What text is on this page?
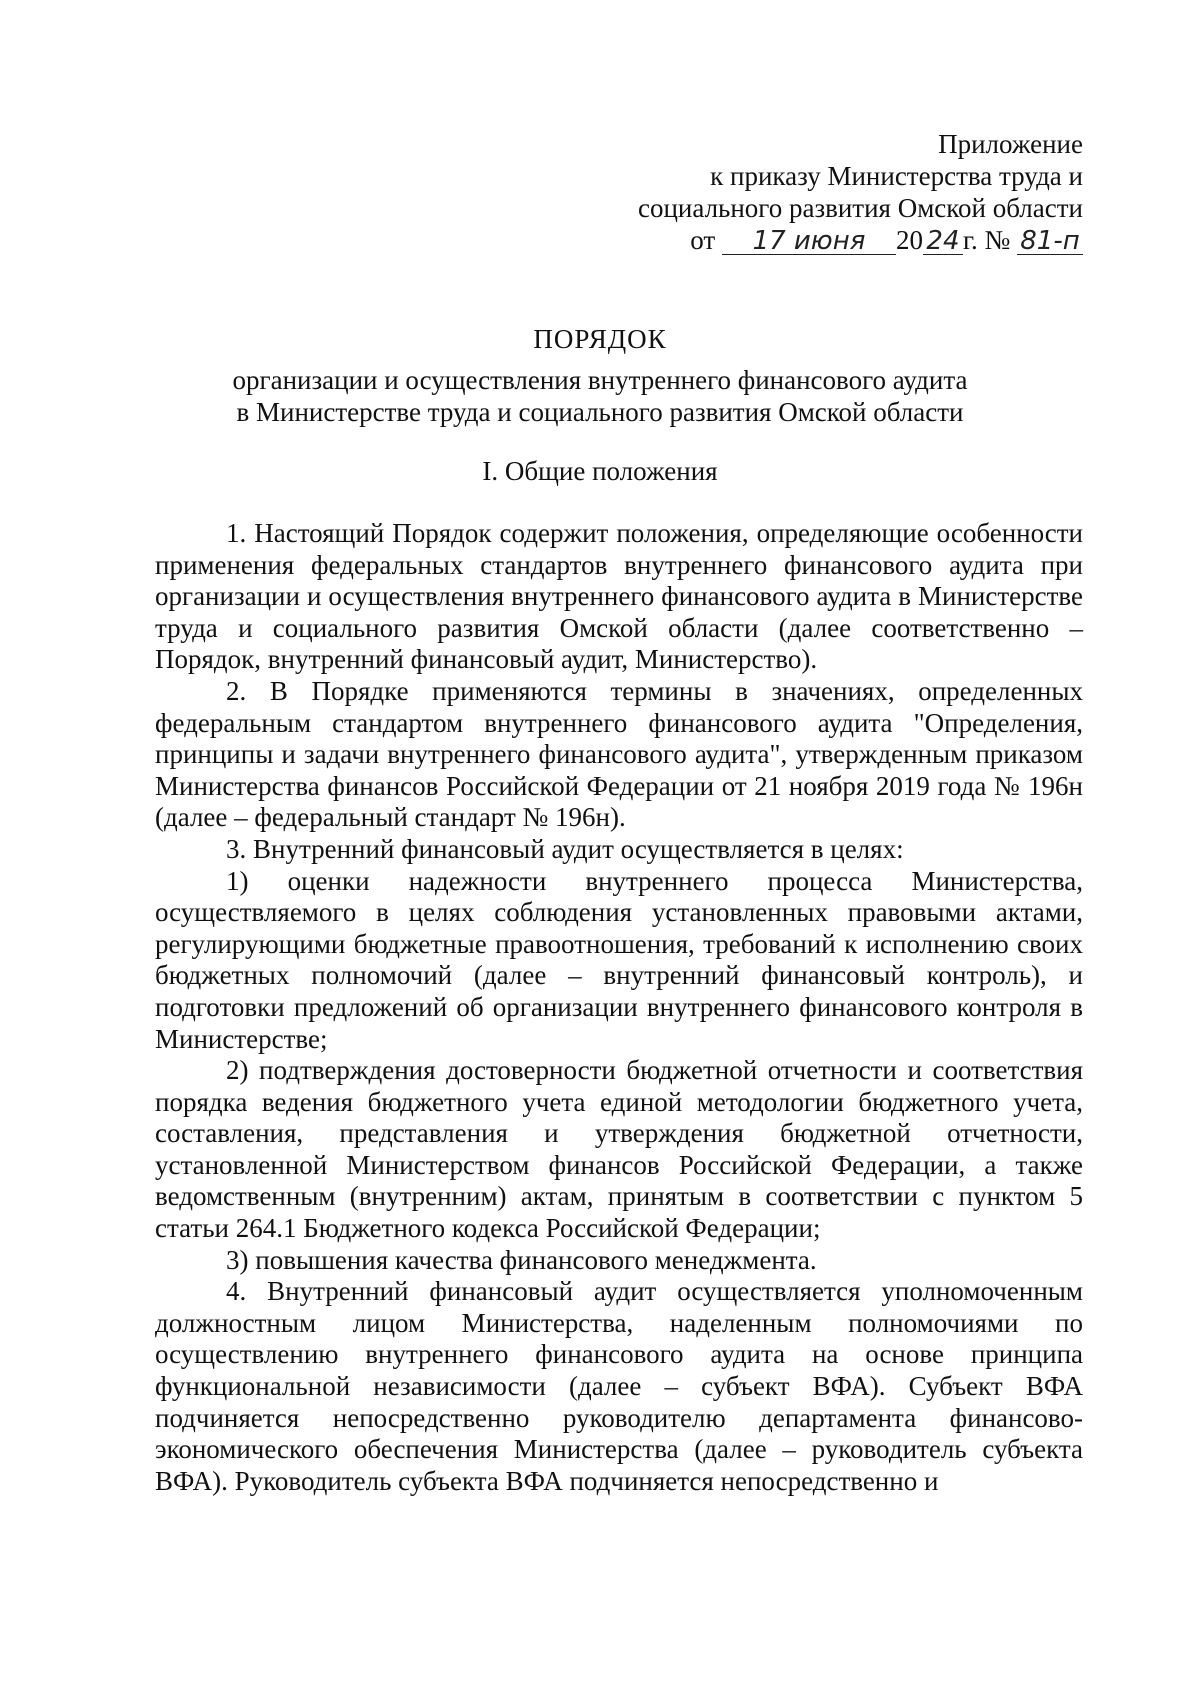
Приложение
к приказу Министерства труда и
социального развития Омской области
от 17 июня 20 24 г. № 81-п
ПОРЯДОК
организации и осуществления внутреннего финансового аудита
в Министерстве труда и социального развития Омской области
I. Общие положения

1. Настоящий Порядок содержит положения, определяющие особенности применения федеральных стандартов внутреннего финансового аудита при организации и осуществления внутреннего финансового аудита в Министерстве труда и социального развития Омской области (далее соответственно – Порядок, внутренний финансовый аудит, Министерство).

2. В Порядке применяются термины в значениях, определенных федеральным стандартом внутреннего финансового аудита "Определения, принципы и задачи внутреннего финансового аудита", утвержденным приказом Министерства финансов Российской Федерации от 21 ноября 2019 года № 196н (далее – федеральный стандарт № 196н).

3. Внутренний финансовый аудит осуществляется в целях:

1) оценки надежности внутреннего процесса Министерства, осуществляемого в целях соблюдения установленных правовыми актами, регулирующими бюджетные правоотношения, требований к исполнению своих бюджетных полномочий (далее – внутренний финансовый контроль), и подготовки предложений об организации внутреннего финансового контроля в Министерстве;

2) подтверждения достоверности бюджетной отчетности и соответствия порядка ведения бюджетного учета единой методологии бюджетного учета, составления, представления и утверждения бюджетной отчетности, установленной Министерством финансов Российской Федерации, а также ведомственным (внутренним) актам, принятым в соответствии с пунктом 5 статьи 264.1 Бюджетного кодекса Российской Федерации;

3) повышения качества финансового менеджмента.

4. Внутренний финансовый аудит осуществляется уполномоченным должностным лицом Министерства, наделенным полномочиями по осуществлению внутреннего финансового аудита на основе принципа функциональной независимости (далее – субъект ВФА). Субъект ВФА подчиняется непосредственно руководителю департамента финансово-экономического обеспечения Министерства (далее – руководитель субъекта ВФА). Руководитель субъекта ВФА подчиняется непосредственно и
